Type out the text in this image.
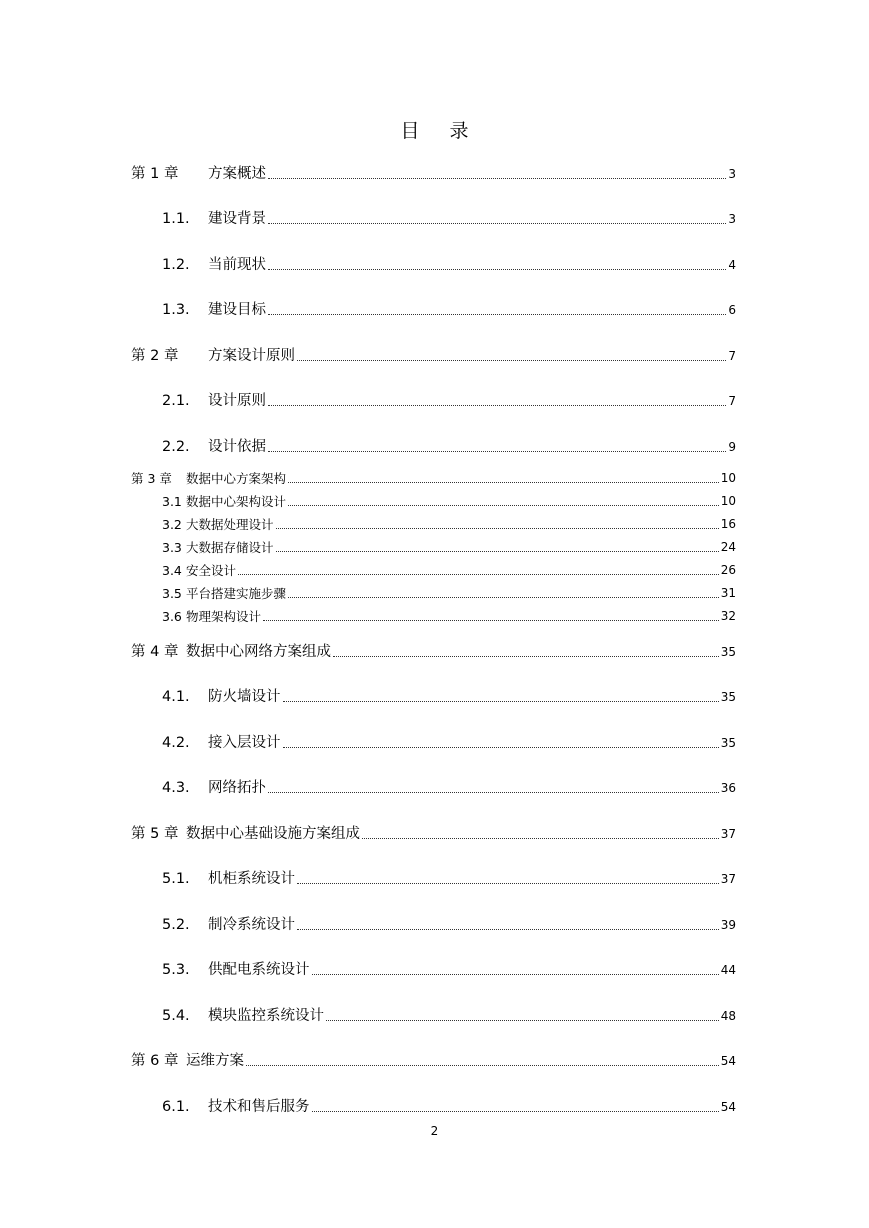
目录
第 1 章	方案概述	3
1.1.	建设背景	3
1.2.	当前现状	4
1.3.	建设目标	6
第 2 章	方案设计原则	7
2.1.	设计原则	7
2.2.	设计依据	9
第 3 章	数据中心方案架构	10
3.1 数据中心架构设计	10
3.2 大数据处理设计	16
3.3 大数据存储设计	24
3.4 安全设计	26
3.5 平台搭建实施步骤	31
3.6 物理架构设计	32
第 4 章 数据中心网络方案组成	35
4.1.	防火墙设计	35
4.2.	接入层设计	35
4.3.	网络拓扑	36
第 5 章 数据中心基础设施方案组成	37
5.1.	机柜系统设计	37
5.2.	制冷系统设计	39
5.3.	供配电系统设计	44
5.4.	模块监控系统设计	48
第 6 章 运维方案	54
6.1.	技术和售后服务	54
2
